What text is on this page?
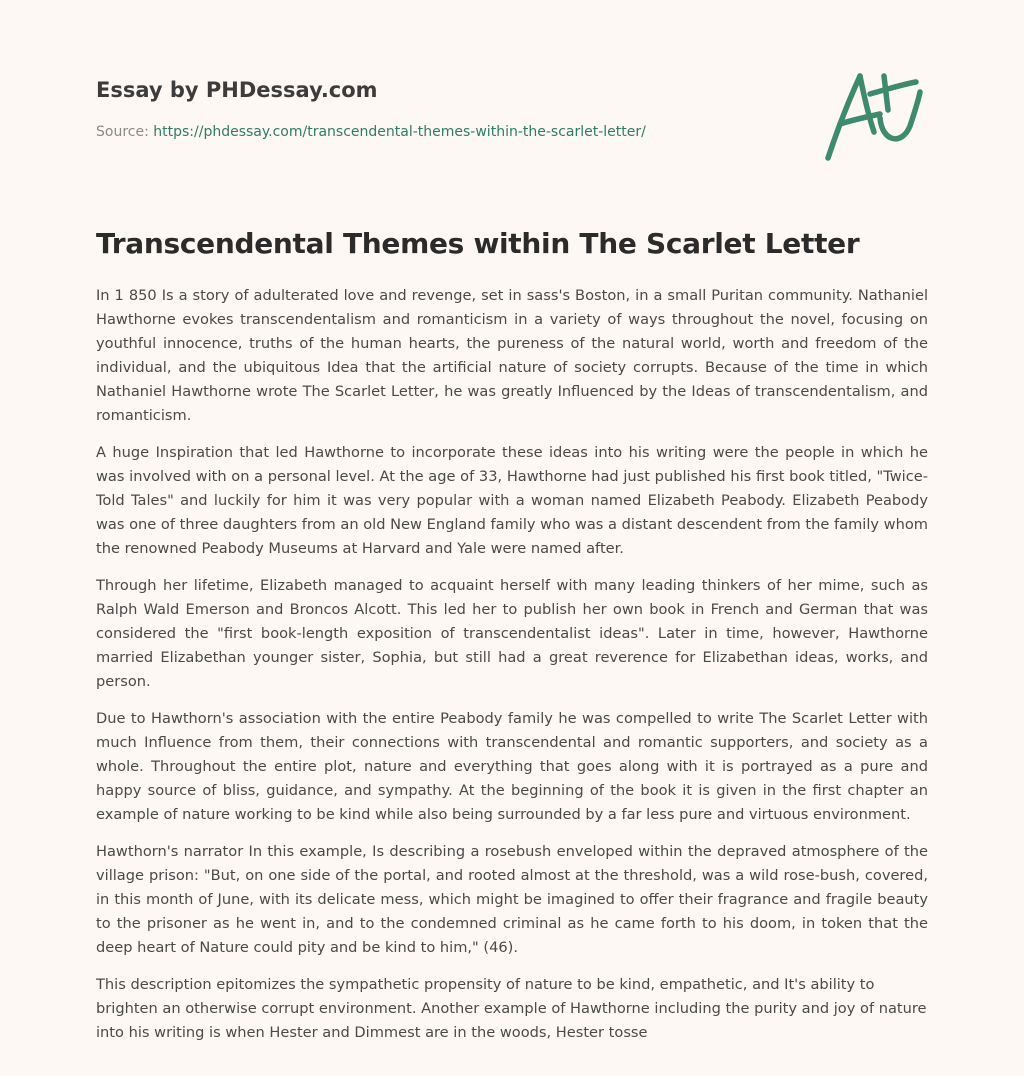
Essay by PHDessay.com
Source: https://phdessay.com/transcendental-themes-within-the-scarlet-letter/
Transcendental Themes within The Scarlet Letter

In 1 850 Is a story of adulterated love and revenge, set in sass's Boston, in a small Puritan community. Nathaniel Hawthorne evokes transcendentalism and romanticism in a variety of ways throughout the novel, focusing on youthful innocence, truths of the human hearts, the pureness of the natural world, worth and freedom of the individual, and the ubiquitous Idea that the artificial nature of society corrupts. Because of the time in which Nathaniel Hawthorne wrote The Scarlet Letter, he was greatly Influenced by the Ideas of transcendentalism, and romanticism.

A huge Inspiration that led Hawthorne to incorporate these ideas into his writing were the people in which he was involved with on a personal level. At the age of 33, Hawthorne had just published his first book titled, "Twice- Told Tales" and luckily for him it was very popular with a woman named Elizabeth Peabody. Elizabeth Peabody was one of three daughters from an old New England family who was a distant descendent from the family whom the renowned Peabody Museums at Harvard and Yale were named after.

Through her lifetime, Elizabeth managed to acquaint herself with many leading thinkers of her mime, such as Ralph Wald Emerson and Broncos Alcott. This led her to publish her own book in French and German that was considered the "first book-length exposition of transcendentalist ideas". Later in time, however, Hawthorne married Elizabethan younger sister, Sophia, but still had a great reverence for Elizabethan ideas, works, and person.

Due to Hawthorn's association with the entire Peabody family he was compelled to write The Scarlet Letter with much Influence from them, their connections with transcendental and romantic supporters, and society as a whole. Throughout the entire plot, nature and everything that goes along with it is portrayed as a pure and happy source of bliss, guidance, and sympathy. At the beginning of the book it is given in the first chapter an example of nature working to be kind while also being surrounded by a far less pure and virtuous environment.

Hawthorn's narrator In this example, Is describing a rosebush enveloped within the depraved atmosphere of the village prison: "But, on one side of the portal, and rooted almost at the threshold, was a wild rose-bush, covered, in this month of June, with its delicate mess, which might be imagined to offer their fragrance and fragile beauty to the prisoner as he went in, and to the condemned criminal as he came forth to his doom, in token that the deep heart of Nature could pity and be kind to him," (46).

This description epitomizes the sympathetic propensity of nature to be kind, empathetic, and It's ability to brighten an otherwise corrupt environment. Another example of Hawthorne including the purity and joy of nature into his writing is when Hester and Dimmest are in the woods, Hester tosse
